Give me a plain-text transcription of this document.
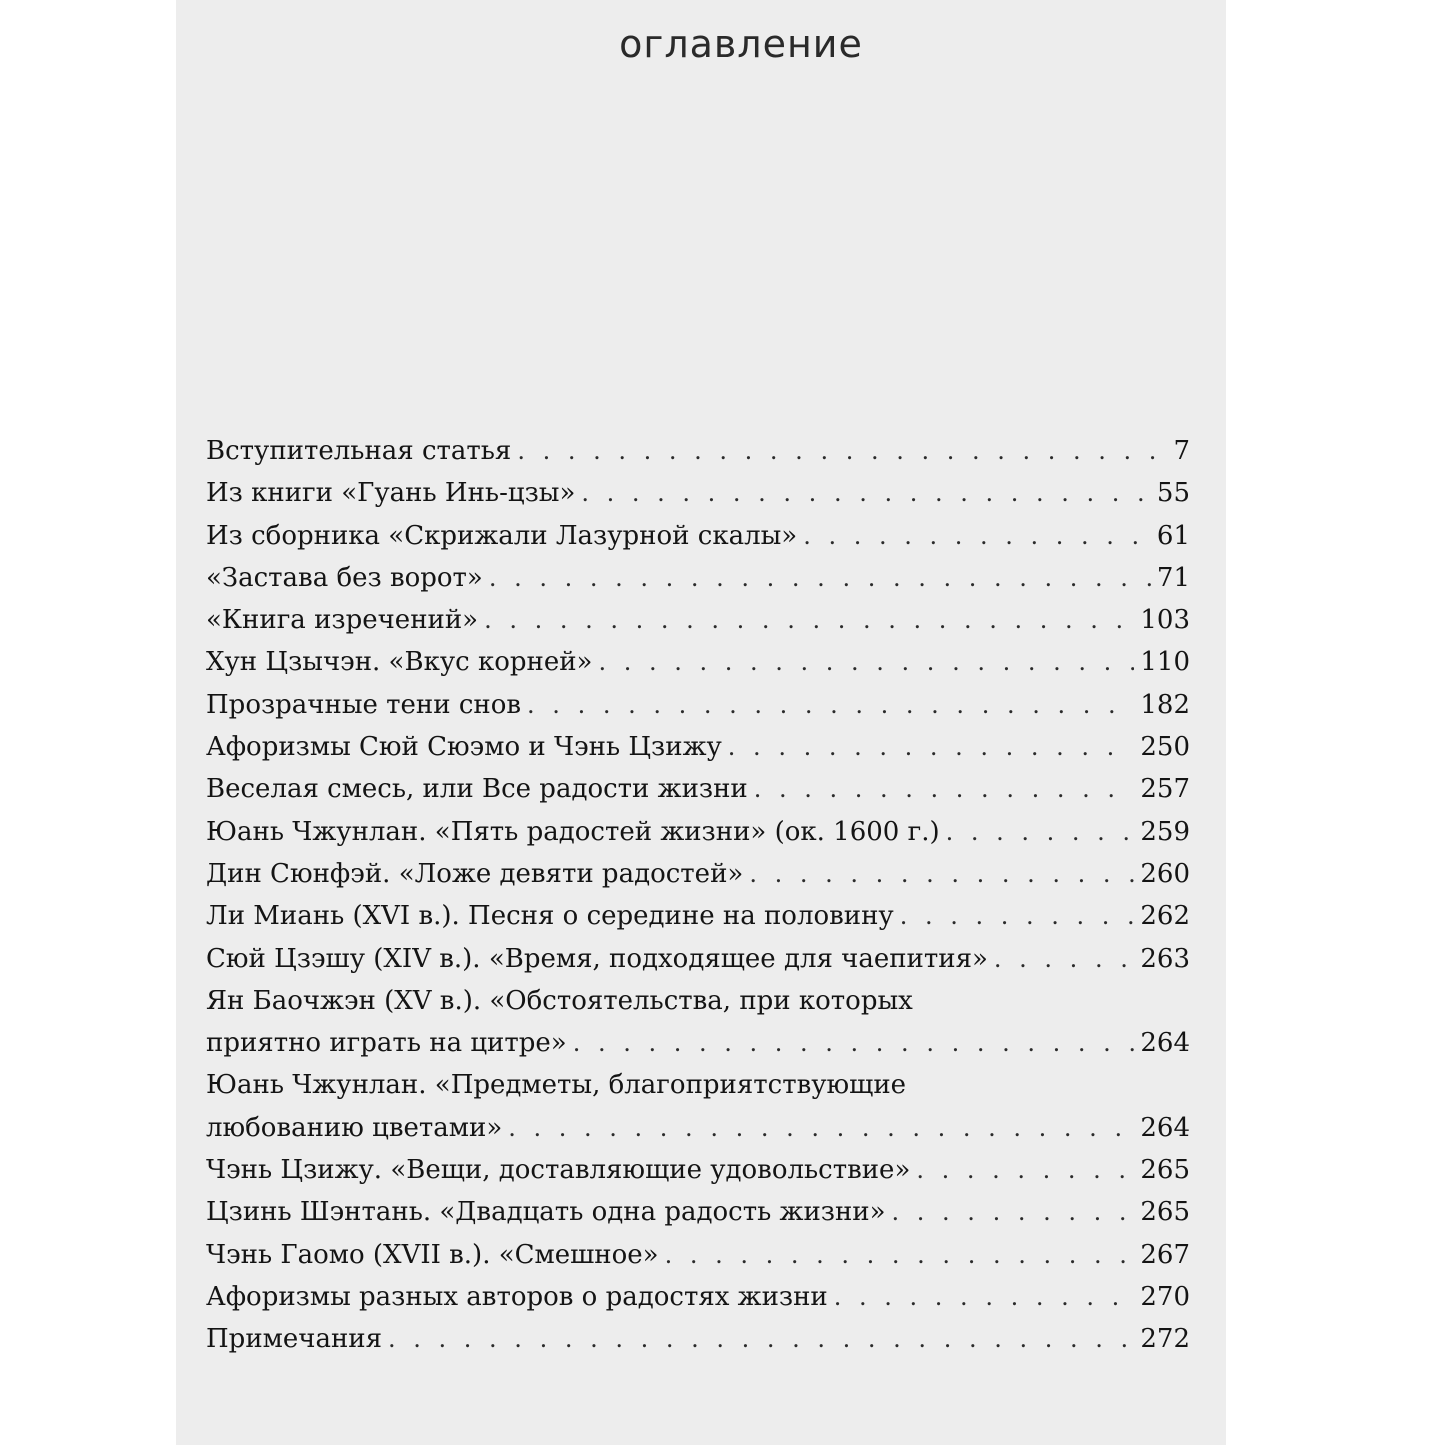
оглавление
Вступительная статья . . .	7
Из книги «Гуань Инь-цзы» . . .	55
Из сборника «Скрижали Лазурной скалы» . . .	61
«Застава без ворот» . . .	71
«Книга изречений» . . .	103
Хун Цзычэн. «Вкус корней» . . .	110
Прозрачные тени снов . . .	182
Афоризмы Сюй Сюэмо и Чэнь Цзижу . . .	250
Веселая смесь, или Все радости жизни . . .	257
Юань Чжунлан. «Пять радостей жизни» (ок. 1600 г.) . . .	259
Дин Сюнфэй. «Ложе девяти радостей» . . .	260
Ли Миань (XVI в.). Песня о середине на половину . . .	262
Сюй Цзэшу (XIV в.). «Время, подходящее для чаепития» . . .	263
Ян Баочжэн (XV в.). «Обстоятельства, при которых
приятно играть на цитре» . . .	264
Юань Чжунлан. «Предметы, благоприятствующие
любованию цветами» . . .	264
Чэнь Цзижу. «Вещи, доставляющие удовольствие» . . .	265
Цзинь Шэнтань. «Двадцать одна радость жизни» . . .	265
Чэнь Гаомо (XVII в.). «Смешное» . . .	267
Афоризмы разных авторов о радостях жизни . . .	270
Примечания . . .	272
